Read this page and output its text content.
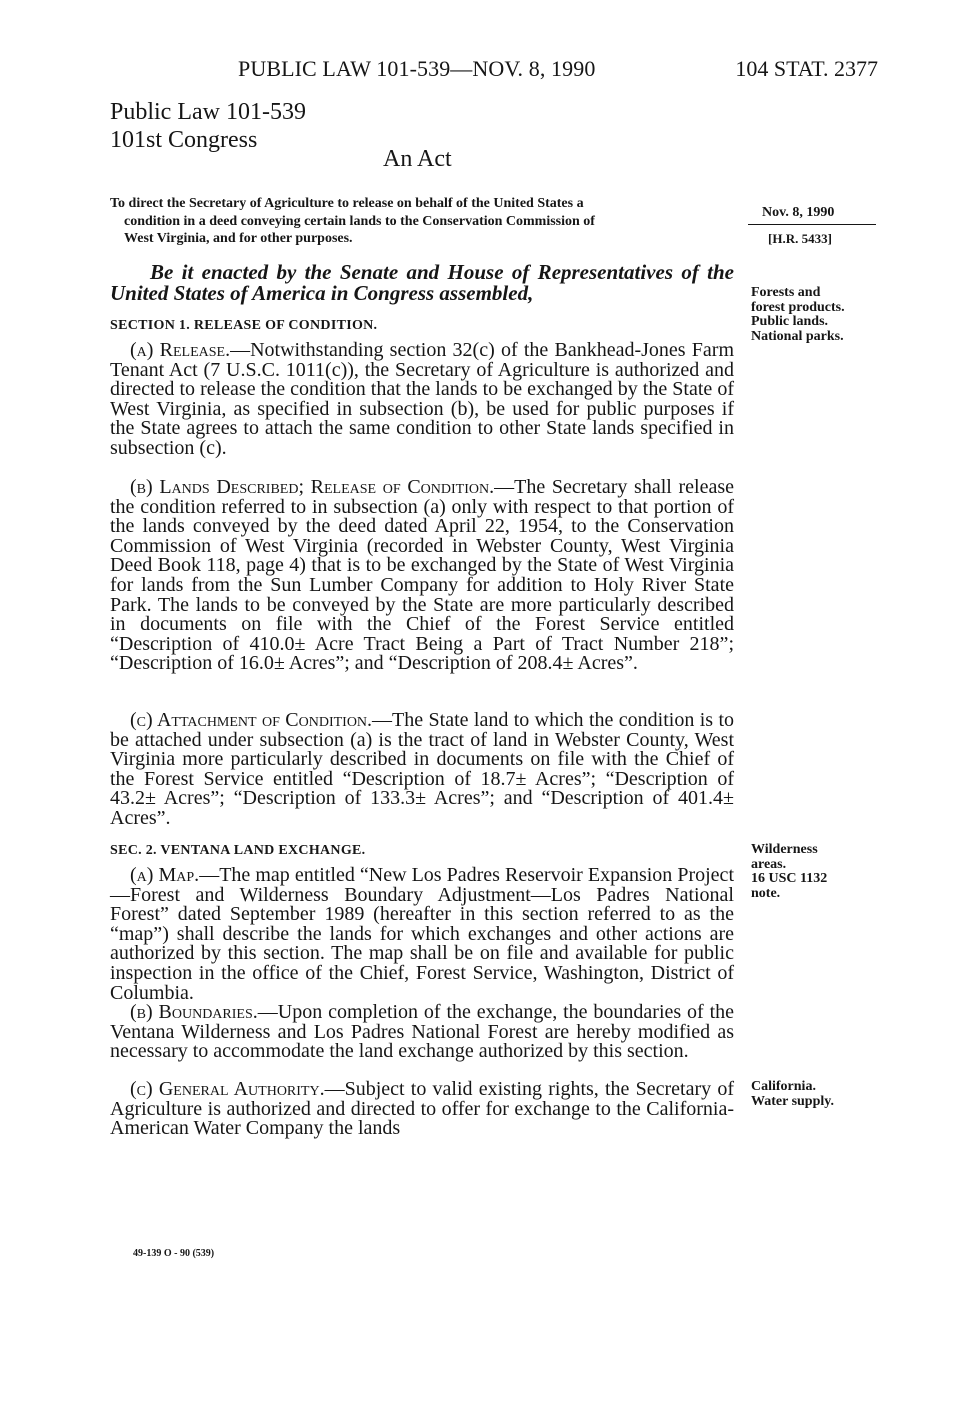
PUBLIC LAW 101-539—NOV. 8, 1990	104 STAT. 2377
Public Law 101-539
101st Congress
An Act
To direct the Secretary of Agriculture to release on behalf of the United States a
condition in a deed conveying certain lands to the Conservation Commission of
West Virginia, and for other purposes.
Nov. 8, 1990
[H.R. 5433]

Be it enacted by the Senate and House of Representatives of the United States of America in Congress assembled,	Forests and
forest products.
Public lands.
National parks.
SECTION 1. RELEASE OF CONDITION.

(a) Release.—Notwithstanding section 32(c) of the Bankhead-Jones Farm Tenant Act (7 U.S.C. 1011(c)), the Secretary of Agriculture is authorized and directed to release the condition that the lands to be exchanged by the State of West Virginia, as specified in subsection (b), be used for public purposes if the State agrees to attach the same condition to other State lands specified in subsection (c).

(b) Lands Described; Release of Condition.—The Secretary shall release the condition referred to in subsection (a) only with respect to that portion of the lands conveyed by the deed dated April 22, 1954, to the Conservation Commission of West Virginia (recorded in Webster County, West Virginia Deed Book 118, page 4) that is to be exchanged by the State of West Virginia for lands from the Sun Lumber Company for addition to Holy River State Park. The lands to be conveyed by the State are more particularly described in documents on file with the Chief of the Forest Service entitled “Description of 410.0± Acre Tract Being a Part of Tract Number 218”; “Description of 16.0± Acres”; and “Description of 208.4± Acres”.

(c) Attachment of Condition.—The State land to which the condition is to be attached under subsection (a) is the tract of land in Webster County, West Virginia more particularly described in documents on file with the Chief of the Forest Service entitled “Description of 18.7± Acres”; “Description of 43.2± Acres”; “Description of 133.3± Acres”; and “Description of 401.4± Acres”.

SEC. 2. VENTANA LAND EXCHANGE.	Wilderness
areas.
16 USC 1132
note.

(a) Map.—The map entitled “New Los Padres Reservoir Expansion Project—Forest and Wilderness Boundary Adjustment—Los Padres National Forest” dated September 1989 (hereafter in this section referred to as the “map”) shall describe the lands for which exchanges and other actions are authorized by this section. The map shall be on file and available for public inspection in the office of the Chief, Forest Service, Washington, District of Columbia.

(b) Boundaries.—Upon completion of the exchange, the boundaries of the Ventana Wilderness and Los Padres National Forest are hereby modified as necessary to accommodate the land exchange authorized by this section.

(c) General Authority.—Subject to valid existing rights, the Secretary of Agriculture is authorized and directed to offer for exchange to the California-American Water Company the lands

California.
Water supply.
49-139 O - 90 (539)
